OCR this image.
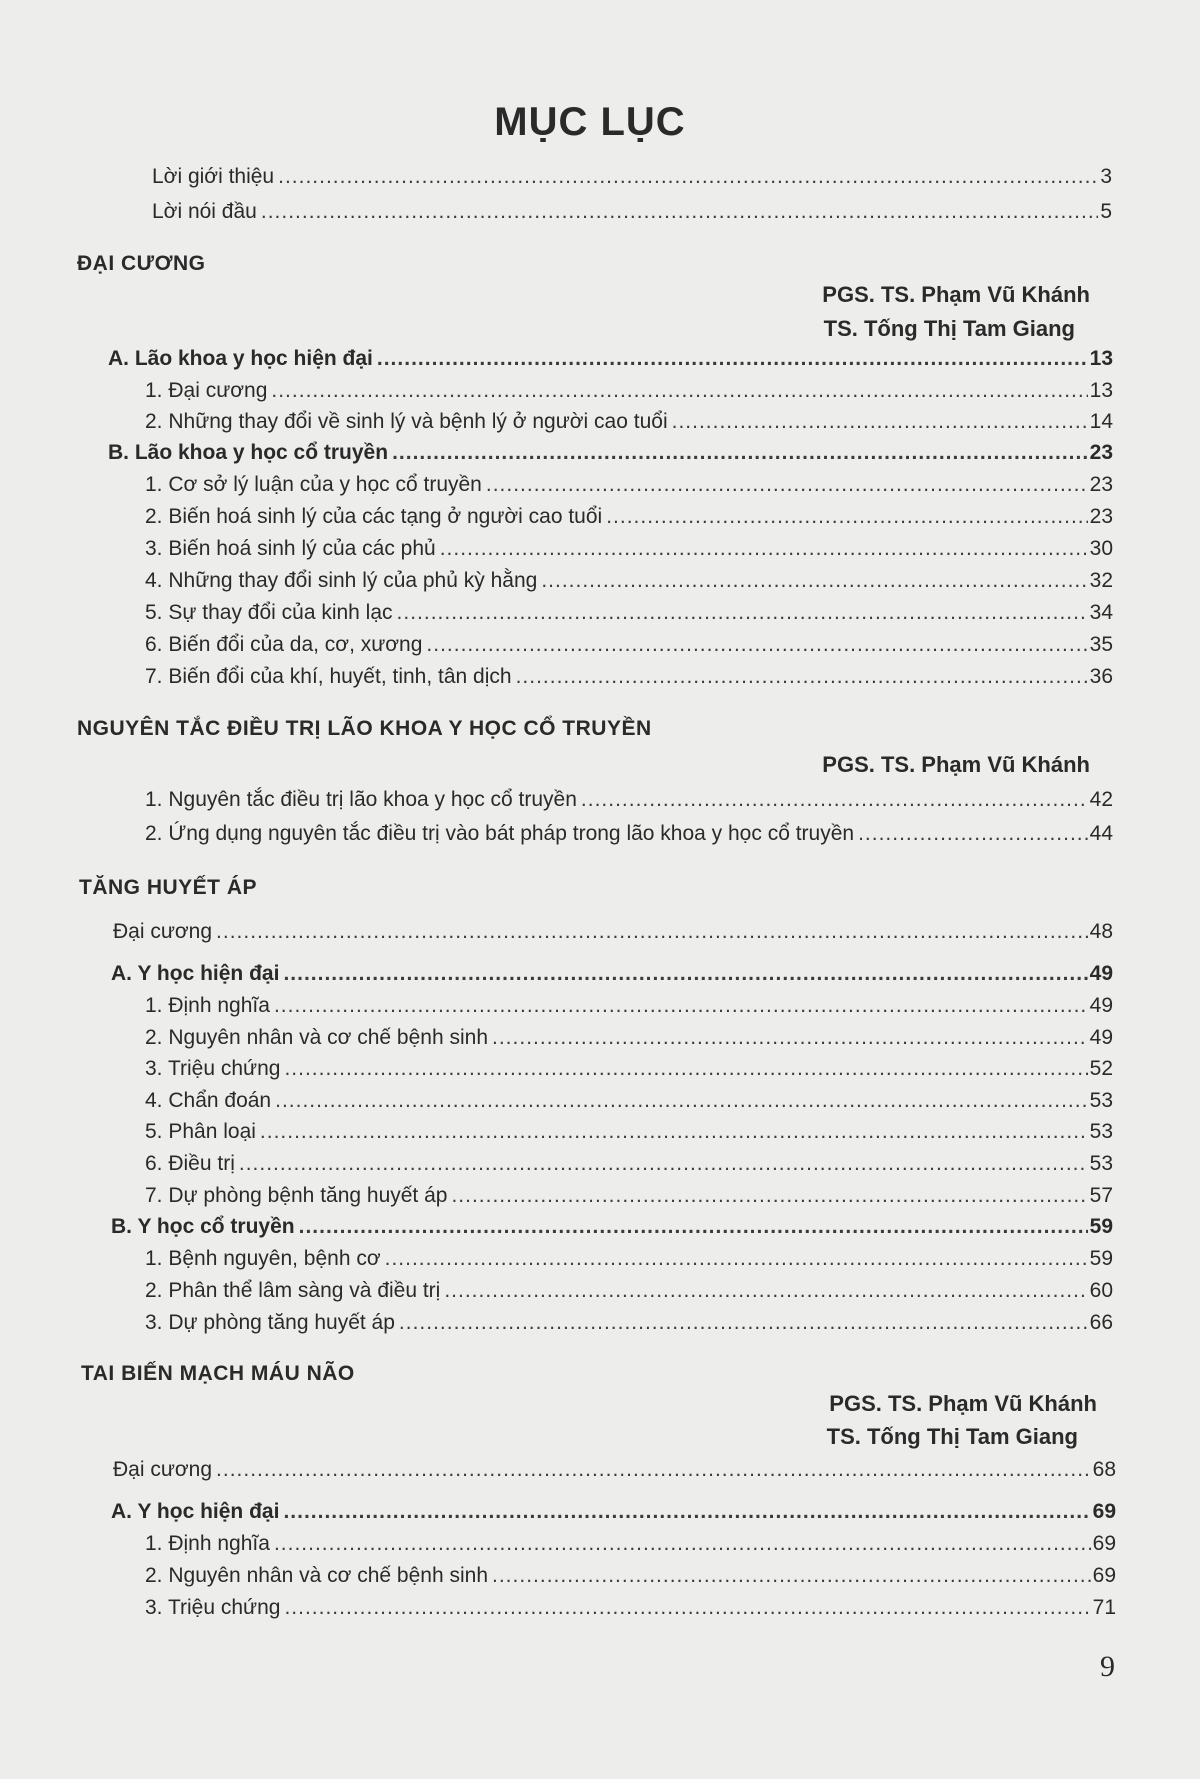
MỤC LỤC
Lời giới thiệu .....	3
Lời nói đầu .....	5
ĐẠI CƯƠNG
PGS. TS. Phạm Vũ Khánh
TS. Tống Thị Tam Giang
A. Lão khoa y học hiện đại .....	13
1. Đại cương .....	13
2. Những thay đổi về sinh lý và bệnh lý ở người cao tuổi .....	14
B. Lão khoa y học cổ truyền .....	23
1. Cơ sở lý luận của y học cổ truyền .....	23
2. Biến hoá sinh lý của các tạng ở người cao tuổi .....	23
3. Biến hoá sinh lý của các phủ .....	30
4. Những thay đổi sinh lý của phủ kỳ hằng .....	32
5. Sự thay đổi của kinh lạc .....	34
6. Biến đổi của da, cơ, xương .....	35
7. Biến đổi của khí, huyết, tinh, tân dịch .....	36
NGUYÊN TẮC ĐIỀU TRỊ LÃO KHOA Y HỌC CỔ TRUYỀN
PGS. TS. Phạm Vũ Khánh
1. Nguyên tắc điều trị lão khoa y học cổ truyền .....	42
2. Ứng dụng nguyên tắc điều trị vào bát pháp trong lão khoa y học cổ truyền .....	44
TĂNG HUYẾT ÁP
Đại cương .....	48
A. Y học hiện đại .....	49
1. Định nghĩa .....	49
2. Nguyên nhân và cơ chế bệnh sinh .....	49
3. Triệu chứng .....	52
4. Chẩn đoán .....	53
5. Phân loại .....	53
6. Điều trị .....	53
7. Dự phòng bệnh tăng huyết áp .....	57
B. Y học cổ truyền .....	59
1. Bệnh nguyên, bệnh cơ .....	59
2. Phân thể lâm sàng và điều trị .....	60
3. Dự phòng tăng huyết áp .....	66
TAI BIẾN MẠCH MÁU NÃO
PGS. TS. Phạm Vũ Khánh
TS. Tống Thị Tam Giang
Đại cương .....	68
A. Y học hiện đại .....	69
1. Định nghĩa .....	69
2. Nguyên nhân và cơ chế bệnh sinh .....	69
3. Triệu chứng .....	71
9
